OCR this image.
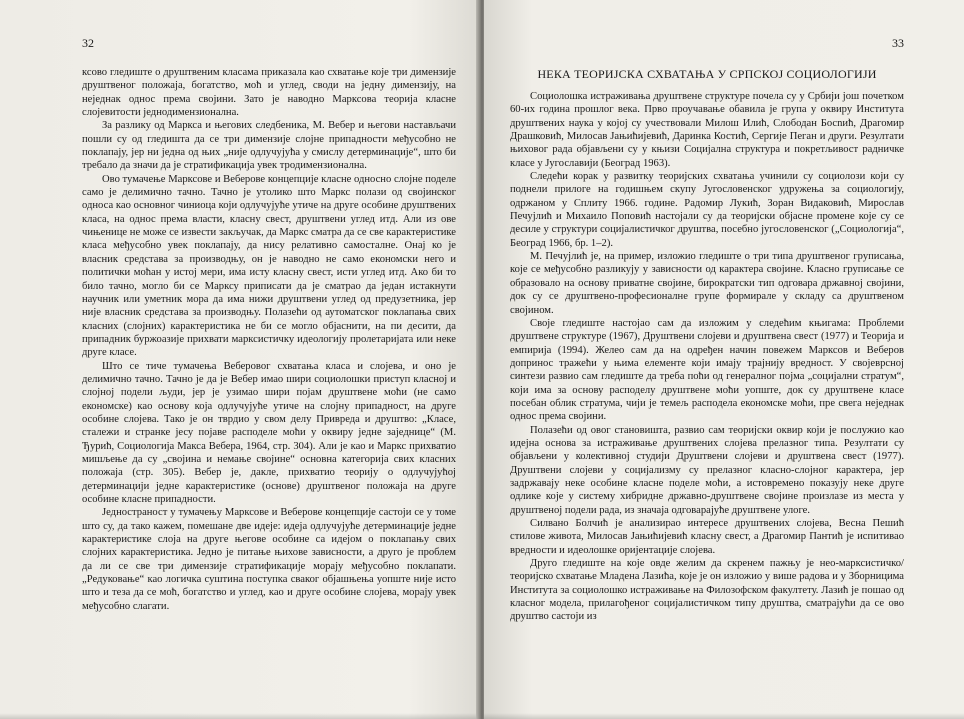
32

ксово гледиште о друштвеним класама приказала као схватање које три димензије друштвеног положаја, богатство, моћ и углед, своди на једну димензију, на неједнак однос према својини. Зато је наводно Марксова теорија класне слојевитости једнодимензионална.

За разлику од Маркса и његових следбеника, М. Вебер и његови настављачи пошли су од гледишта да се три димензије слојне припадности међусобно не поклапају, јер ни једна од њих „није одлучујућа у смислу детерминације“, што би требало да значи да је стратификација увек тродимензионална.

Ово тумачење Марксове и Веберове концепције класне односно слојне поделе само је делимично тачно. Тачно је утолико што Маркс полази од својинског односа као основног чиниоца који одлучујуће утиче на друге особине друштвених класа, на однос према власти, класну свест, друштвени углед итд. Али из ове чињенице не може се извести закључак, да Маркс сматра да се све карактеристике класа међусобно увек поклапају, да нису релативно самосталне. Онај ко је власник средстава за производњу, он је наводно не само економски него и политички моћан у истој мери, има исту класну свест, исти углед итд. Ако би то било тачно, могло би се Марксу приписати да је сматрао да један истакнути научник или уметник мора да има нижи друштвени углед од предузетника, јер није власник средставa за производњу. Полазећи од аутоматског поклапања свих класних (слојних) карактеристика не би се могло објаснити, на пи десити, да припадник буржоазије прихвати марксистичку идеологију пролетаријата или неке друге класе.

Што се тиче тумачења Веберовог схватања класа и слојева, и оно је делимично тачно. Тачно је да је Вебер имао шири социолошки приступ класној и слојној подели људи, јер је узимао шири појам друштвене моћи (не само економске) као основу која одлучујуће утиче на слојну припадност, на друге особине слојева. Тако је он тврдио у свом делу Привреда и друштво: „Класе, сталежи и странке јесу појаве расподеле моћи у оквиру једне заједнице“ (М. Ђурић, Социологија Макса Вебера, 1964, стр. 304). Али је као и Маркс прихватио мишљење да су „својина и немање својине“ основна категорија свих класних положаја (стр. 305). Вебер је, дакле, прихватио теорију о одлучујућој детерминацији једне карактеристике (основе) друштвеног положаја на друге особине класне припадности.

Једностраност у тумачењу Марксове и Веберове концепције састоји се у томе што су, да тако кажем, помешане две идеје: идеја одлучујуће детерминације једне карактеристике слоја на друге његове особине са идејом о поклапању свих слојних карактеристика. Једно је питање њихове зависности, а друго је проблем да ли се све три димензије стратификације морају међусобно поклапати. „Редуковање“ као логичка суштина поступка сваког објашњења уопште није исто што и теза да се моћ, богатство и углед, као и друге особине слојева, морају увек међусобно слагати.

33
НЕКА ТЕОРИЈСКА СХВАТАЊА У СРПСКОЈ СОЦИОЛОГИЈИ

Социолошка истраживања друштвене структуре почела су у Србији још почетком 60-их година прошлог века. Прво проучавање обавила је група у оквиру Института друштвених наука у којој су учествовали Милош Илић, Слободан Босnић, Драгомир Драшковић, Милосав Јањићијевић, Даринка Костић, Сергије Пеган и други. Резултати њиховог рада објављени су у књизи Социјална структура и покретљивост радничке класе у Југославији (Београд 1963).

Следећи корак у развитку теоријских схватања учинили су социолози који су поднели прилоге на годишњем скупу Југословенског удружења за социологију, одржаном у Сплиту 1966. године. Радомир Лукић, Зоран Видаковић, Мирослав Печујлић и Михаило Поповић настојали су да теоријски објасне промене које су се десиле у структури социјалистичког друштва, посебно југословенског („Социологија“, Београд 1966, бр. 1–2).

М. Печујлић је, на пример, изложио гледиште о три типа друштвеног груписања, које се међусобно разликују у зависности од карактера својине. Класно груписање се образовало на основу приватне својине, бирократски тип одговара државној својини, док су се друштвено-професионалне групе формирале у складу са друштвеном својином.

Своје гледиште настојао сам да изложим у следећим књигама: Проблеми друштвене структуре (1967), Друштвени слојеви и друштвена свест (1977) и Теорија и емпирија (1994). Желео сам да на одређен начин повежем Марксов и Веберов допринос тражећи у њима елементе који имају трајнију вредност. У својеврсној синтези развио сам гледиште да треба поћи од генералног појма „социјални стратум“, који има за основу расподелу друштвене моћи уопште, док су друштвене класе посебан облик стратума, чији је темељ расподела економске моћи, пре свега неједнак однос према својини.

Полазећи од овог становишта, развио сам теоријски оквир који је послужио као идејна основа за истраживање друштвених слојева прелазног типа. Резултати су објављени у колективној студији Друштвени слојеви и друштвена свест (1977). Друштвени слојеви у социјализму су прелазног класно-слојног карактера, јер задржавају неке особине класне поделе моћи, а истовремено показују неке друге одлике које у систему хибридне државно-друштвене својине произлазе из места у друштвеној подели рада, из значаја одговарајуће друштвене улоге.

Силвано Болчић је анализирао интересе друштвених слојева, Весна Пешић стилове живота, Милосав Јањићијевић класну свест, а Драгомир Пантић је испитивао вредности и идеолошке оријентације слојева.

Друго гледиште на које овде желим да скренем пажњу је нео-марксистичко/теоријско схватање Младена Лазића, које је он изложио у више радова и у Зборницима Института за социолошко истраживање на Филозофском факултету. Лазић је пошао од класног модела, прилагођеног социјалистичком типу друштва, сматрајући да се ово друштво састоји из
